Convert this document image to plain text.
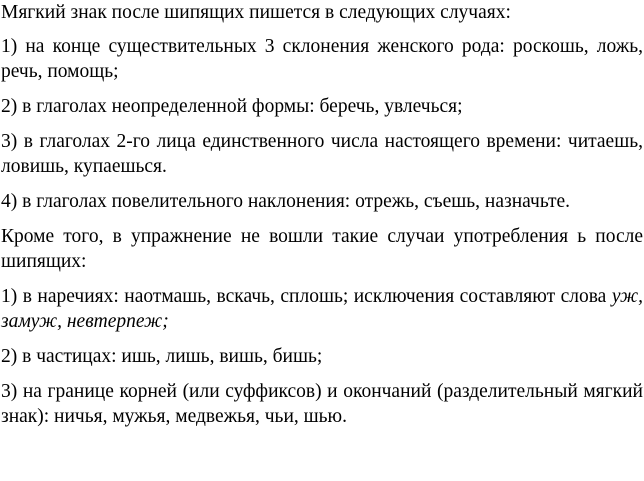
Мягкий знак после шипящих пишется в следующих случаях:

1) на конце существительных 3 склонения женского рода: роскошь, ложь, речь, помощь;

2) в глаголах неопределенной формы: беречь, увлечься;

3) в глаголах 2-го лица единственного числа настоящего времени: читаешь, ловишь, купаешься.

4) в глаголах повелительного наклонения: отрежь, съешь, назначьте.

Кроме того, в упражнение не вошли такие случаи употребления ь после шипящих:

1) в наречиях: наотмашь, вскачь, сплошь; исключения составляют слова уж, замуж, невтерпеж;

2) в частицах: ишь, лишь, вишь, бишь;

3) на границе корней (или суффиксов) и окончаний (разделительный мягкий знак): ничья, мужья, медвежья, чьи, шью.
